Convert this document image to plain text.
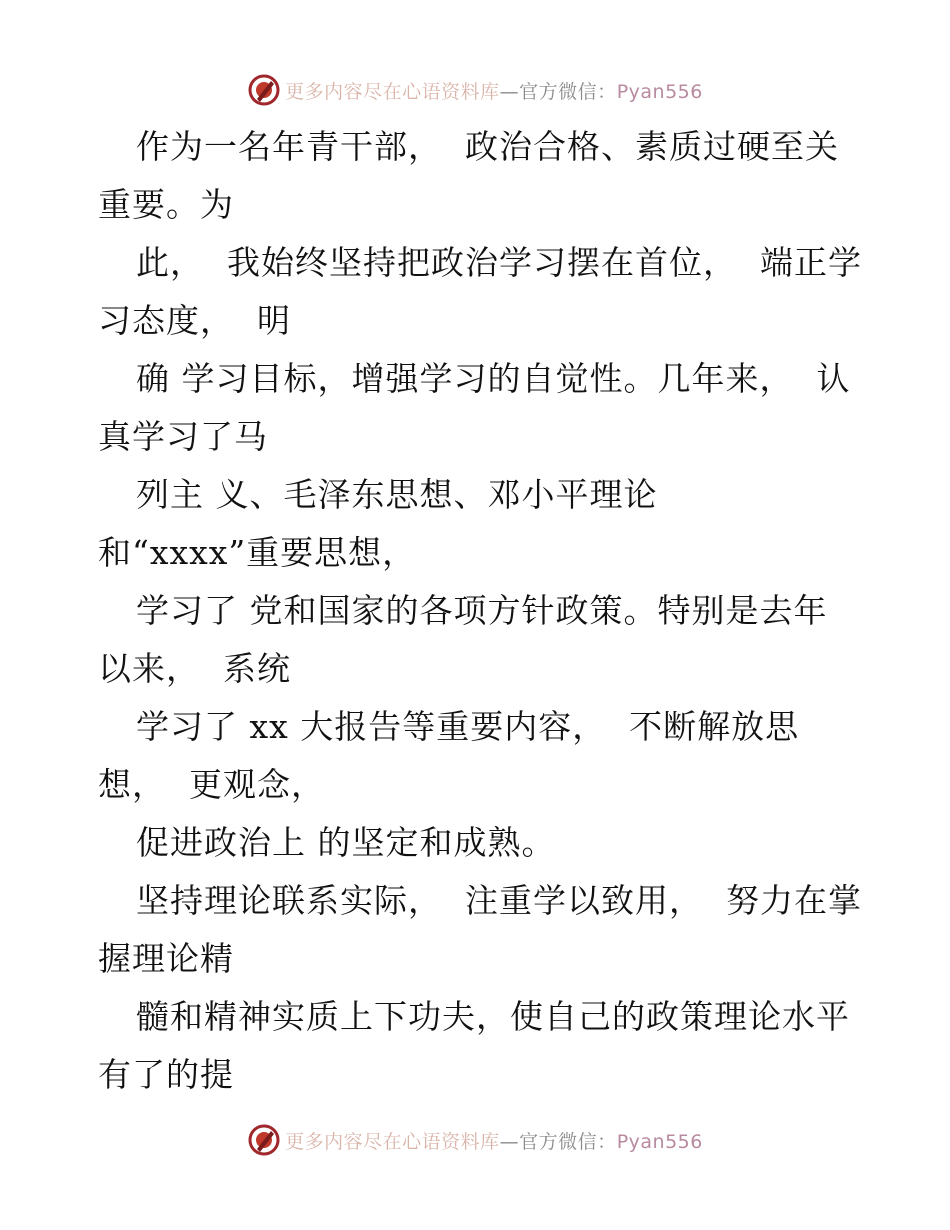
更多内容尽在心语资料库—官方微信：Pyan556

作为一名年青干部，  政治合格、素质过硬至关
重要。为

此，  我始终坚持把政治学习摆在首位，  端正学
习态度，  明

确 学习目标，增强学习的自觉性。几年来，  认
真学习了马

列主 义、毛泽东思想、邓小平理论
和“xxxx”重要思想，

学习了 党和国家的各项方针政策。特别是去年
以来，  系统

学习了 xx 大报告等重要内容，  不断解放思
想，  更观念，

促进政治上 的坚定和成熟。

坚持理论联系实际，  注重学以致用，  努力在掌
握理论精

髓和精神实质上下功夫，使自己的政策理论水平
有了的提

更多内容尽在心语资料库—官方微信：Pyan556
